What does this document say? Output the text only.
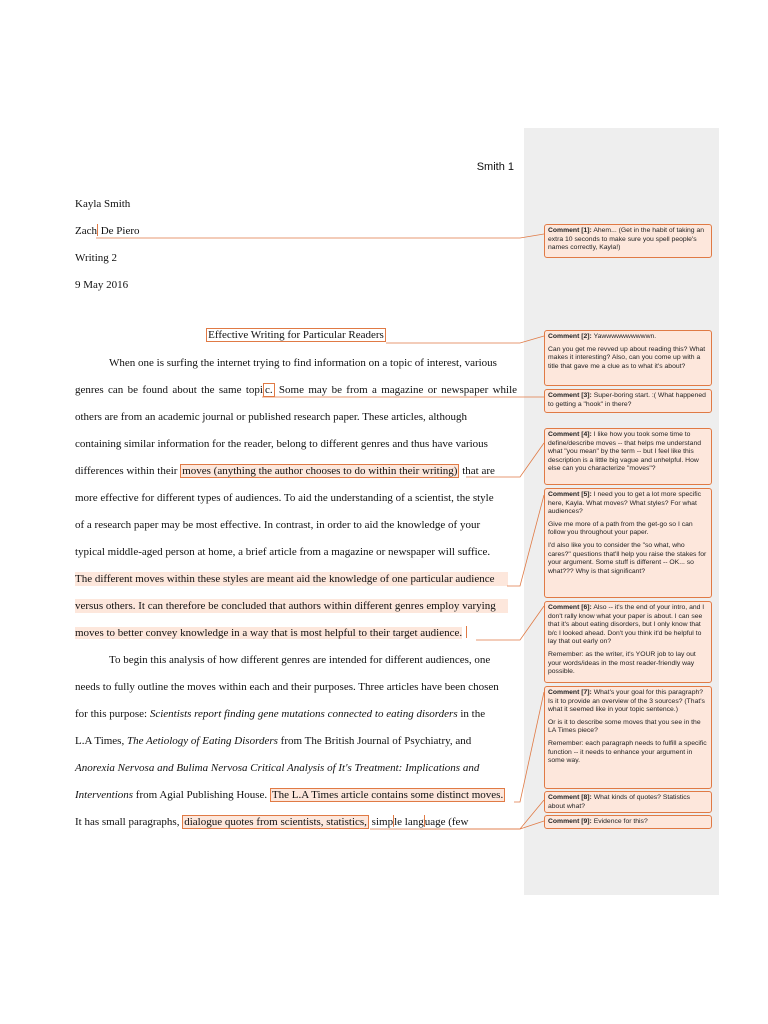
Smith 1
Kayla Smith
Zach De Piero
Writing 2
9 May 2016
Effective Writing for Particular Readers
When one is surfing the internet trying to find information on a topic of interest, various
genres can be found about the same topi c. Some may be from a magazine or newspaper while
others are from an academic journal or published research paper. These articles, although
containing similar information for the reader, belong to different genres and thus have various
differences within their moves (anything the author chooses to do within their writing) that are
more effective for different types of audiences. To aid the understanding of a scientist, the style
of a research paper may be most effective. In contrast, in order to aid the knowledge of your
typical middle-aged person at home, a brief article from a magazine or newspaper will suffice.
The different moves within these styles are meant aid the knowledge of one particular audience
versus others. It can therefore be concluded that authors within different genres employ varying
moves to better convey knowledge in a way that is most helpful to their target audience.
To begin this analysis of how different genres are intended for different audiences, one
needs to fully outline the moves within each and their purposes. Three articles have been chosen
for this purpose: Scientists report finding gene mutations connected to eating disorders in the
L.A Times, The Aetiology of Eating Disorders from The British Journal of Psychiatry, and
Anorexia Nervosa and Bulima Nervosa Critical Analysis of It's Treatment: Implications and
Interventions from Agial Publishing House. The L.A Times article contains some distinct moves.
It has small paragraphs, dialogue quotes from scientists, statistics, simple language (few

Comment [1]: Ahem... (Get in the habit of taking an extra 10 seconds to make sure you spell people's names correctly, Kayla!)

Comment [2]: Yawwwwwwwwwwn.

Can you get me revved up about reading this? What makes it interesting? Also, can you come up with a title that gave me a clue as to what it's about?

Comment [3]: Super-boring start. :( What happened to getting a "hook" in there?

Comment [4]: I like how you took some time to define/describe moves -- that helps me understand what "you mean" by the term -- but I feel like this description is a little big vague and unhelpful. How else can you characterize "moves"?

Comment [5]: I need you to get a lot more specific here, Kayla. What moves? What styles? For what audiences?

Give me more of a path from the get-go so I can follow you throughout your paper.

I'd also like you to consider the "so what, who cares?" questions that'll help you raise the stakes for your argument. Some stuff is different -- OK... so what??? Why is that significant?

Comment [6]: Also -- it's the end of your intro, and I don't rally know what your paper is about. I can see that it's about eating disorders, but I only know that b/c I looked ahead. Don't you think it'd be helpful to lay that out early on?

Remember: as the writer, it's YOUR job to lay out your words/ideas in the most reader-friendly way possible.

Comment [7]: What's your goal for this paragraph? Is it to provide an overview of the 3 sources? (That's what it seemed like in your topic sentence.)

Or is it to describe some moves that you see in the LA Times piece?

Remember: each paragraph needs to fulfill a specific function -- it needs to enhance your argument in some way.

Comment [8]: What kinds of quotes? Statistics about what?

Comment [9]: Evidence for this?
